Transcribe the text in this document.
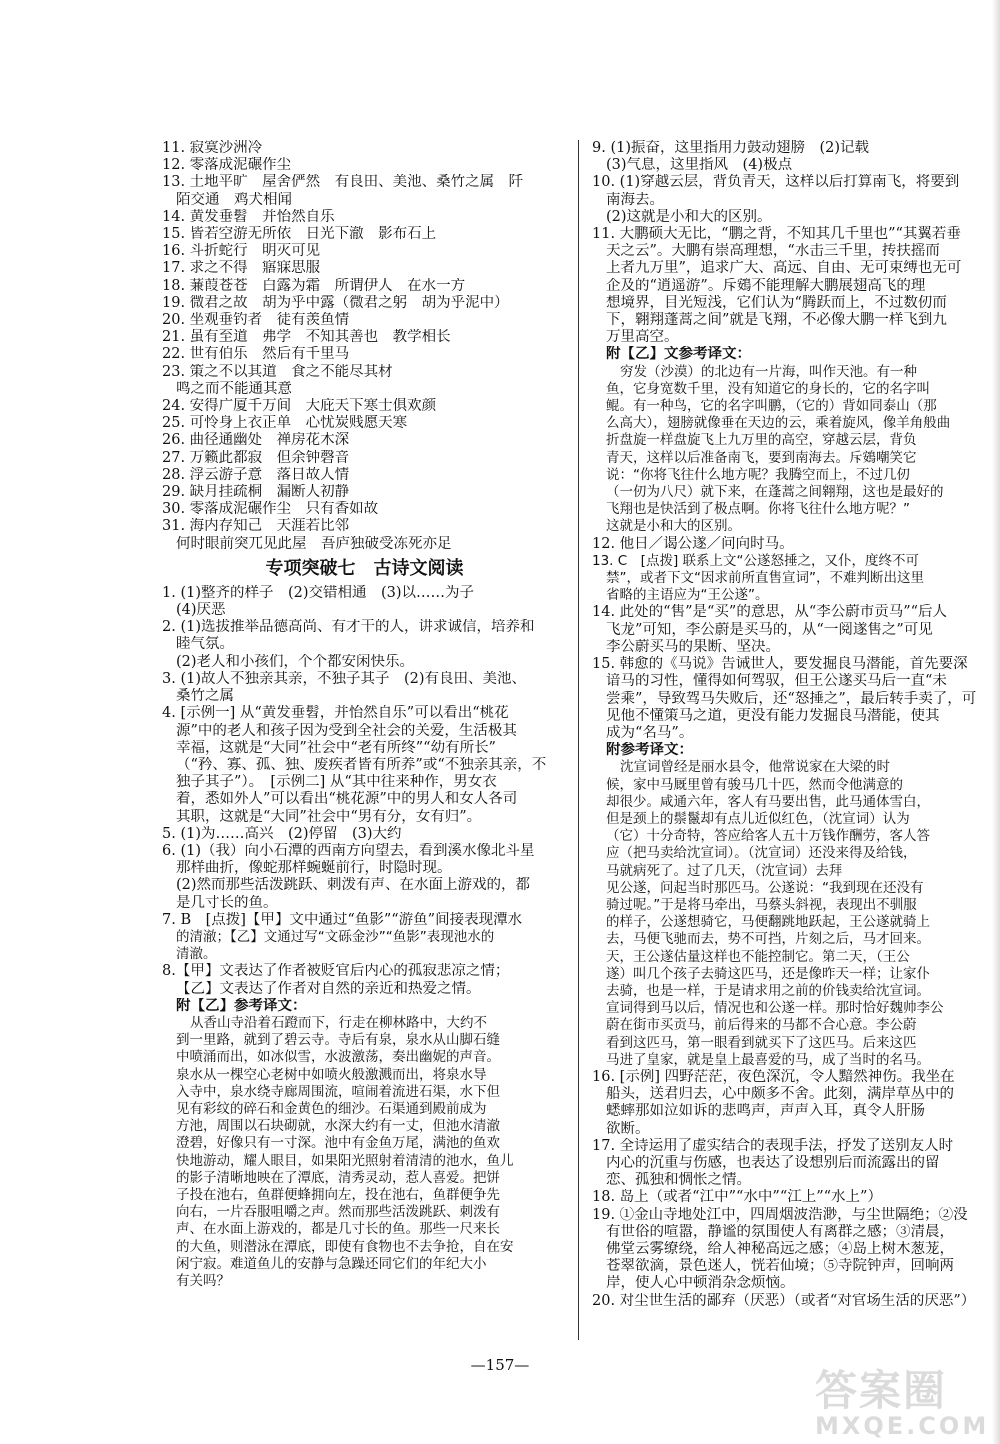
11. 寂寞沙洲冷
12. 零落成泥碾作尘
13. 土地平旷　屋舍俨然　有良田、美池、桑竹之属　阡
陌交通　鸡犬相闻
14. 黄发垂髫　并怡然自乐
15. 皆若空游无所依　日光下澈　影布石上
16. 斗折蛇行　明灭可见
17. 求之不得　寤寐思服
18. 蒹葭苍苍　白露为霜　所谓伊人　在水一方
19. 微君之故　胡为乎中露（微君之躬　胡为乎泥中）
20. 坐观垂钓者　徒有羡鱼情
21. 虽有至道　弗学　不知其善也　教学相长
22. 世有伯乐　然后有千里马
23. 策之不以其道　食之不能尽其材
鸣之而不能通其意
24. 安得广厦千万间　大庇天下寒士俱欢颜
25. 可怜身上衣正单　心忧炭贱愿天寒
26. 曲径通幽处　禅房花木深
27. 万籁此都寂　但余钟磬音
28. 浮云游子意　落日故人情
29. 缺月挂疏桐　漏断人初静
30. 零落成泥碾作尘　只有香如故
31. 海内存知己　天涯若比邻
何时眼前突兀见此屋　吾庐独破受冻死亦足
专项突破七　古诗文阅读
1. (1)整齐的样子　(2)交错相通　(3)以……为子
(4)厌恶
2. (1)选拔推举品德高尚、有才干的人，讲求诚信，培养和
睦气氛。
(2)老人和小孩们，个个都安闲快乐。
3. (1)故人不独亲其亲，不独子其子　(2)有良田、美池、
桑竹之属
4. [示例一] 从“黄发垂髫，并怡然自乐”可以看出“桃花
源”中的老人和孩子因为受到全社会的关爱，生活极其
幸福，这就是“大同”社会中“老有所终”“幼有所长”
（“矜、寡、孤、独、废疾者皆有所养”或“不独亲其亲，不
独子其子”）。　[示例二] 从“其中往来种作，男女衣
着，悉如外人”可以看出“桃花源”中的男人和女人各司
其职，这就是“大同”社会中“男有分，女有归”。
5. (1)为……高兴　(2)停留　(3)大约
6. (1)（我）向小石潭的西南方向望去，看到溪水像北斗星
那样曲折，像蛇那样蜿蜒前行，时隐时现。
(2)然而那些活泼跳跃、刺泼有声、在水面上游戏的，都
是几寸长的鱼。
7. B　[点拨]【甲】文中通过“鱼影”“游鱼”间接表现潭水
的清澈；【乙】文通过写“文砾金沙”“鱼影”表现池水的
清澈。
8.【甲】文表达了作者被贬官后内心的孤寂悲凉之情；
【乙】文表达了作者对自然的亲近和热爱之情。
附【乙】参考译文：
从香山寺沿着石蹬而下，行走在柳林路中，大约不
到一里路，就到了碧云寺。寺后有泉，泉水从山脚石缝
中喷涌而出，如冰似雪，水波激荡，奏出幽妮的声音。
泉水从一棵空心老树中如喷火般激溅而出，将泉水导
入寺中，泉水绕寺廊周围流，喧闹着流进石渠，水下但
见有彩纹的碎石和金黄色的细沙。石渠通到殿前成为
方池，周围以石块砌就，水深大约有一丈，但池水清澈
澄碧，好像只有一寸深。池中有金鱼万尾，满池的鱼欢
快地游动，耀人眼目，如果阳光照射着清清的池水，鱼儿
的影子清晰地映在了潭底，清秀灵动，惹人喜爱。把饼
子投在池右，鱼群便蜂拥向左，投在池右，鱼群便争先
向右，一片吞服咀嚼之声。然而那些活泼跳跃、刺泼有
声、在水面上游戏的，都是几寸长的鱼。那些一尺来长
的大鱼，则潜泳在潭底，即使有食物也不去争抢，自在安
闲宁寂。难道鱼儿的安静与急躁还同它们的年纪大小
有关吗？
9. (1)振奋，这里指用力鼓动翅膀　(2)记载
(3)气息，这里指风　(4)极点
10. (1)穿越云层，背负青天，这样以后打算南飞，将要到
南海去。
(2)这就是小和大的区别。
11. 大鹏硕大无比，“鹏之背，不知其几千里也”“其翼若垂
天之云”。大鹏有崇高理想，“水击三千里，抟扶摇而
上者九万里”，追求广大、高远、自由、无可束缚也无可
企及的“逍遥游”。斥鴳不能理解大鹏展翅高飞的理
想境界，目光短浅，它们认为“腾跃而上，不过数仞而
下，翱翔蓬蒿之间”就是飞翔，不必像大鹏一样飞到九
万里高空。
附【乙】文参考译文：
穷发（沙漠）的北边有一片海，叫作天池。有一种
鱼，它身宽数千里，没有知道它的身长的，它的名字叫
鲲。有一种鸟，它的名字叫鹏，（它的）背如同泰山（那
么高大），翅膀就像垂在天边的云，乘着旋风，像羊角般曲
折盘旋一样盘旋飞上九万里的高空，穿越云层，背负
青天，这样以后准备南飞，要到南海去。斥鴳嘲笑它
说：“你将飞往什么地方呢？我腾空而上，不过几仞
（一仞为八尺）就下来，在蓬蒿之间翱翔，这也是最好的
飞翔也是快活到了极点啊。你将飞往什么地方呢？”
这就是小和大的区别。
12. 他日／谒公遂／问向时马。
13. C　[点拨] 联系上文“公遂怒捶之，又仆，度终不可
禁”，或者下文“因求前所直售宣词”，不难判断出这里
省略的主语应为“王公遂”。
14. 此处的“售”是“买”的意思，从“李公蔚市贡马”“后人
飞龙”可知，李公蔚是买马的，从“一阅遂售之”可见
李公蔚买马的果断、坚决。
15. 韩愈的《马说》告诫世人，要发掘良马潜能，首先要深
谙马的习性，懂得如何驾驭，但王公遂买马后一直“未
尝乘”，导致驾马失败后，还“怒捶之”，最后转手卖了，可
见他不懂策马之道，更没有能力发掘良马潜能，使其
成为“名马”。
附参考译文：
沈宣词曾经是丽水县令，他常说家在大梁的时
候，家中马厩里曾有骏马几十匹，然而令他满意的
却很少。咸通六年，客人有马要出售，此马通体雪白，
但是颈上的鬃鬣却有点儿近似红色，（沈宣词）认为
（它）十分奇特，答应给客人五十万钱作酬劳，客人答
应（把马卖给沈宣词）。（沈宣词）还没来得及给钱，
马就病死了。过了几天，（沈宣词）去拜
见公遂，问起当时那匹马。公遂说：“我到现在还没有
骑过呢。”于是将马牵出，马蔡头斜视，表现出不驯服
的样子，公遂想骑它，马便翻跳地跃起，王公遂就骑上
去，马便飞驰而去，势不可挡，片刻之后，马才回来。
天，王公遂估量这样也不能控制它。第二天，（王公
遂）叫几个孩子去骑这匹马，还是像昨天一样；让家仆
去骑，也是一样，于是请求用之前的价钱卖给沈宣词。
宣词得到马以后，情况也和公遂一样。那时恰好魏帅李公
蔚在街市买贡马，前后得来的马都不合心意。李公蔚
看到这匹马，第一眼看到就买下了这匹马。后来这匹
马进了皇家，就是皇上最喜爱的马，成了当时的名马。
16. [示例] 四野茫茫，夜色深沉，令人黯然神伤。我坐在
船头，送君归去，心中颇多不舍。此刻，满岸草丛中的
蟋蟀那如泣如诉的悲鸣声，声声入耳，真令人肝肠
欲断。
17. 全诗运用了虚实结合的表现手法，抒发了送别友人时
内心的沉重与伤感，也表达了设想别后而流露出的留
恋、孤独和惆怅之情。
18. 岛上（或者“江中”“水中”“江上”“水上”）
19. ①金山寺地处江中，四周烟波浩渺，与尘世隔绝；②没
有世俗的喧嚣，静谧的氛围使人有离群之感；③清晨，
佛堂云雾缭绕，给人神秘高远之感；④岛上树木葱茏，
苍翠欲滴，景色迷人，恍若仙境；⑤寺院钟声，回响两
岸，使人心中顿消杂念烦恼。
20. 对尘世生活的鄙弃（厌恶）（或者“对官场生活的厌恶”）
—157—
答案圈
MXQE.COM
